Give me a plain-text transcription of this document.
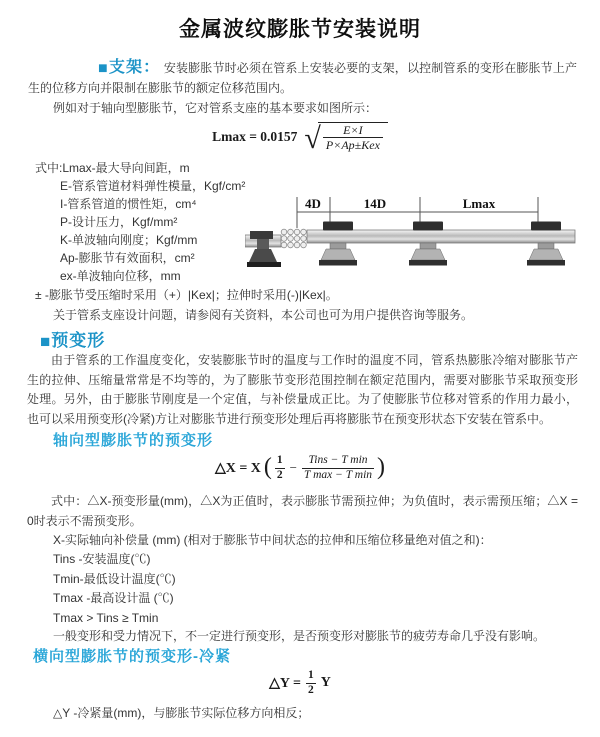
金属波纹膨胀节安装说明
■支架： 安装膨胀节时必须在管系上安装必要的支架，以控制管系的变形在膨胀节上产生的位移方向并限制在膨胀节的额定位移范围内。
例如对于轴向型膨胀节，它对管系支座的基本要求如图所示：
Lmax = 0.0157 √
$\frac{E\times I}{\text{P×Ap±Kex}}$
式中:Lmax-最大导向间距，m
E-管系管道材料弹性模量，Kgf/cm²
I-管系管道的惯性矩，cm⁴
P-设计压力，Kgf/mm²
K-单波轴向刚度；Kgf/mm
Ap-膨胀节有效面积，cm²
ex-单波轴向位移，mm
4D	14D	Lmax
± -膨胀节受压缩时采用（+）|Kex|；拉伸时采用(-)|Kex|。
关于管系支座设计问题，请参阅有关资料，本公司也可为用户提供咨询等服务。
■预变形
由于管系的工作温度变化，安装膨胀节时的温度与工作时的温度不同，管系热膨胀冷缩对膨胀节产生的拉伸、压缩量常常是不均等的，为了膨胀节变形范围控制在额定范围内，需要对膨胀节采取预变形处理。另外，由于膨胀节刚度是一个定值，与补偿量成正比。为了使膨胀节位移对管系的作用力最小，也可以采用预变形(冷紧)方让对膨胀节进行预变形处理后再将膨胀节在预变形状态下安装在管系中。
轴向型膨胀节的预变形
△X = X ( $\frac{1}{2} - \frac{\text{Tins − T min}}{\text{T max − T min}}$ )
式中：△X-预变形量(mm)，△X为正值时，表示膨胀节需预拉伸；为负值时，表示需预压缩；△X = 0时表示不需预变形。
X-实际轴向补偿量 (mm) (相对于膨胀节中间状态的拉伸和压缩位移量绝对值之和)：
Tins -安装温度(℃)
Tmin-最低设计温度(℃)
Tmax -最高设计温 (℃)
Tmax > Tins ≥ Tmin
一般变形和受力情况下，不一定进行预变形，是否预变形对膨胀节的疲劳寿命几乎没有影响。
横向型膨胀节的预变形-冷紧
△Y = $\frac{1}{2}$ Y
△Y -冷紧量(mm)，与膨胀节实际位移方向相反；
